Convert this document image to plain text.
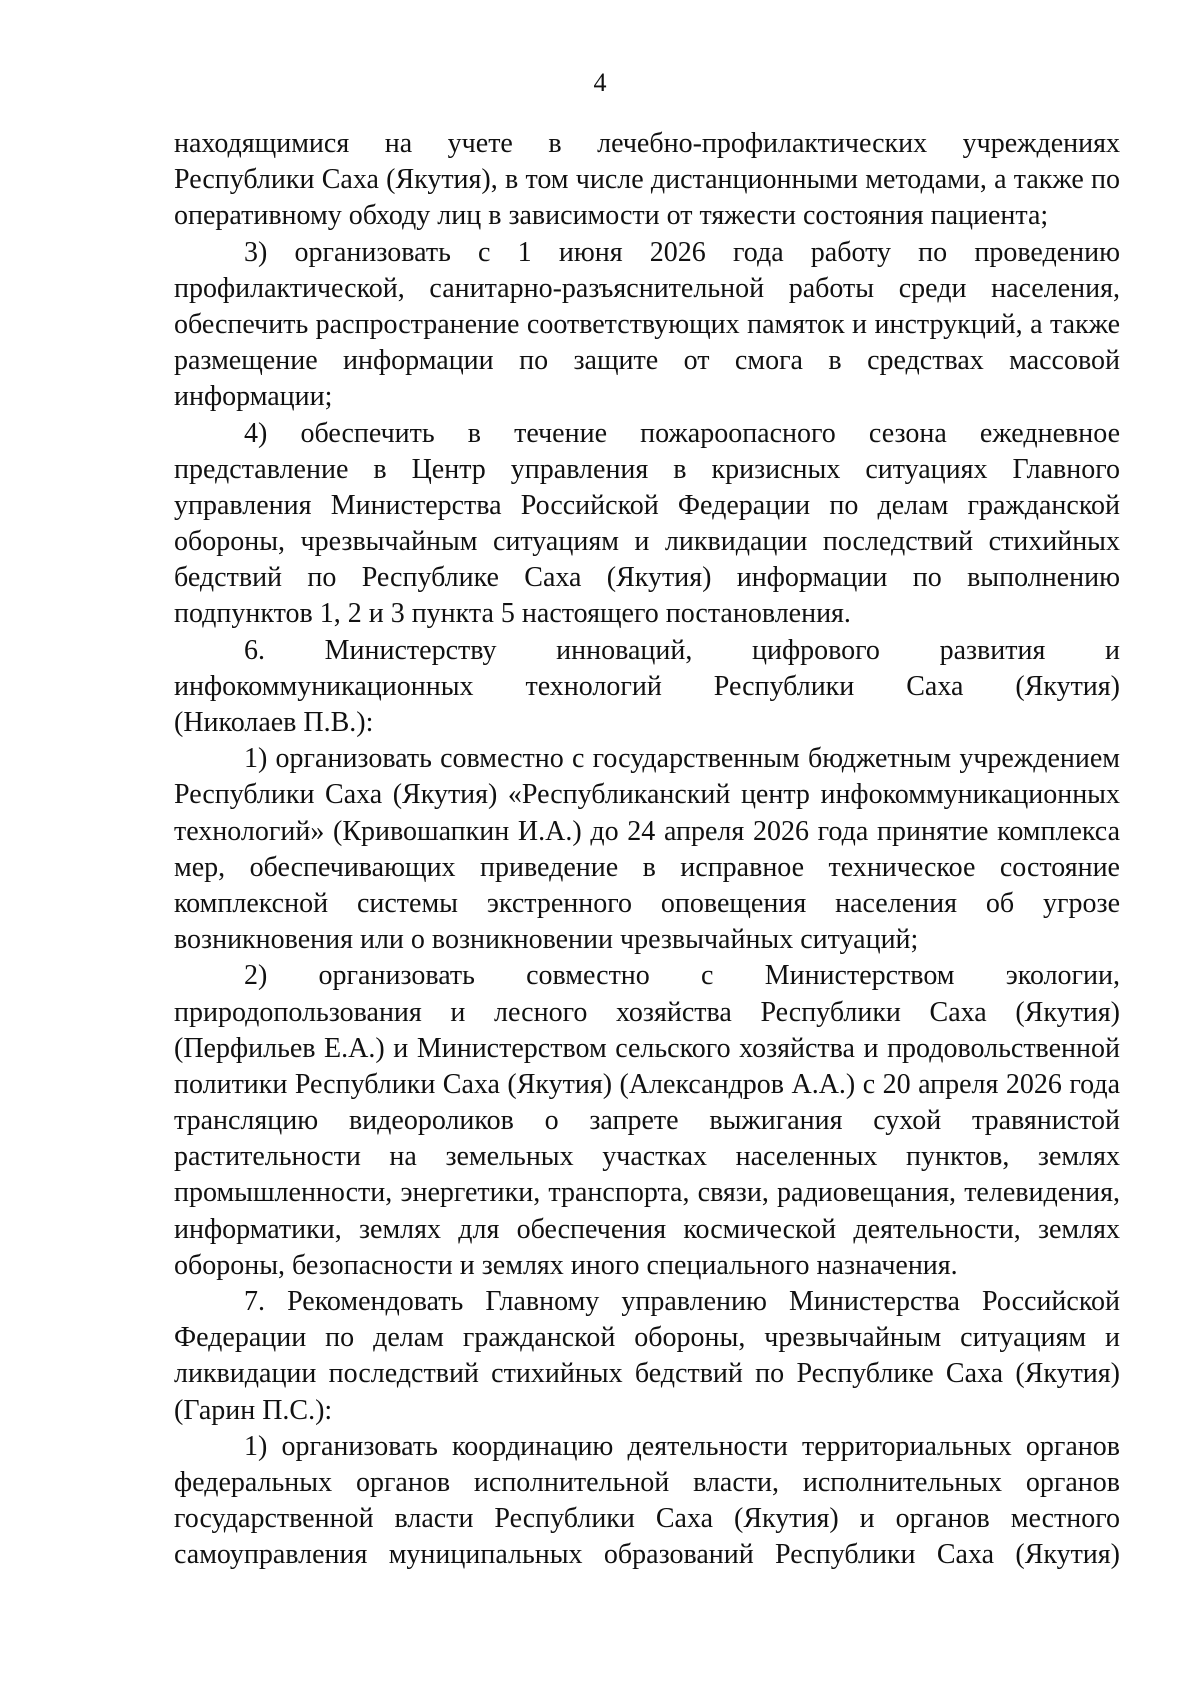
4
находящимися на учете в лечебно-профилактических учреждениях
Республики Саха (Якутия), в том числе дистанционными методами, а также по
оперативному обходу лиц в зависимости от тяжести состояния пациента;
3) организовать с 1 июня 2026 года работу по проведению
профилактической, санитарно-разъяснительной работы среди населения,
обеспечить распространение соответствующих памяток и инструкций, а также
размещение информации по защите от смога в средствах массовой
информации;
4) обеспечить в течение пожароопасного сезона ежедневное
представление в Центр управления в кризисных ситуациях Главного
управления Министерства Российской Федерации по делам гражданской
обороны, чрезвычайным ситуациям и ликвидации последствий стихийных
бедствий по Республике Саха (Якутия) информации по выполнению
подпунктов 1, 2 и 3 пункта 5 настоящего постановления.
6. Министерству инноваций, цифрового развития и
инфокоммуникационных технологий Республики Саха (Якутия)
(Николаев П.В.):
1) организовать совместно с государственным бюджетным учреждением
Республики Саха (Якутия) «Республиканский центр инфокоммуникационных
технологий» (Кривошапкин И.А.) до 24 апреля 2026 года принятие комплекса
мер, обеспечивающих приведение в исправное техническое состояние
комплексной системы экстренного оповещения населения об угрозе
возникновения или о возникновении чрезвычайных ситуаций;
2) организовать совместно с Министерством экологии,
природопользования и лесного хозяйства Республики Саха (Якутия)
(Перфильев Е.А.) и Министерством сельского хозяйства и продовольственной
политики Республики Саха (Якутия) (Александров А.А.) с 20 апреля 2026 года
трансляцию видеороликов о запрете выжигания сухой травянистой
растительности на земельных участках населенных пунктов, землях
промышленности, энергетики, транспорта, связи, радиовещания, телевидения,
информатики, землях для обеспечения космической деятельности, землях
обороны, безопасности и землях иного специального назначения.
7. Рекомендовать Главному управлению Министерства Российской
Федерации по делам гражданской обороны, чрезвычайным ситуациям и
ликвидации последствий стихийных бедствий по Республике Саха (Якутия)
(Гарин П.С.):
1) организовать координацию деятельности территориальных органов
федеральных органов исполнительной власти, исполнительных органов
государственной власти Республики Саха (Якутия) и органов местного
самоуправления муниципальных образований Республики Саха (Якутия)
